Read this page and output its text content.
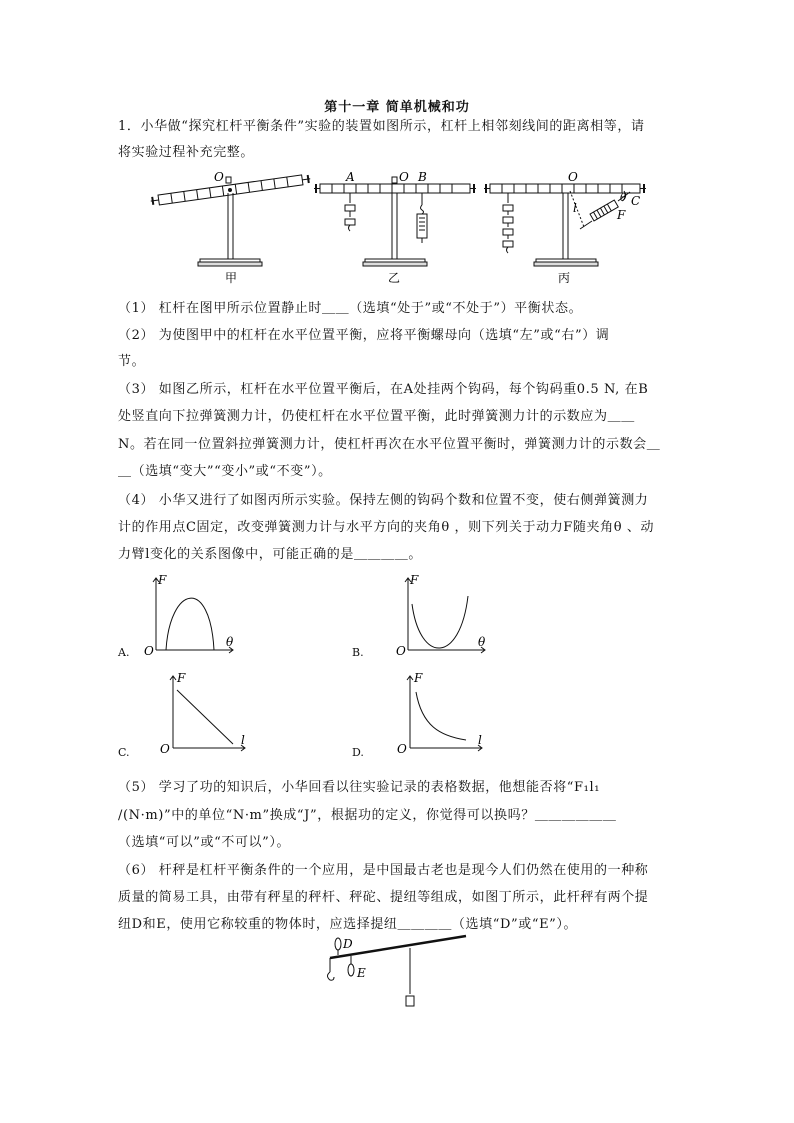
第十一章 简单机械和功
1．小华做“探究杠杆平衡条件”实验的装置如图所示，杠杆上相邻刻线间的距离相等，请
将实验过程补充完整。
O
甲
A	O B
乙
O
C
F
l
θ
丙
（1） 杠杆在图甲所示位置静止时＿＿（选填“处于”或“不处于”）平衡状态。
（2） 为使图甲中的杠杆在水平位置平衡，应将平衡螺母向（选填“左”或“右”）调
节。
（3） 如图乙所示，杠杆在水平位置平衡后，在A处挂两个钩码，每个钩码重0.5 N, 在B
处竖直向下拉弹簧测力计，仍使杠杆在水平位置平衡，此时弹簧测力计的示数应为＿＿
N。若在同一位置斜拉弹簧测力计，使杠杆再次在水平位置平衡时，弹簧测力计的示数会＿
＿（选填“变大”“变小”或“不变”）。
（4） 小华又进行了如图丙所示实验。保持左侧的钩码个数和位置不变，使右侧弹簧测力
计的作用点C固定，改变弹簧测力计与水平方向的夹角θ ，则下列关于动力F随夹角θ 、动
力臂l变化的关系图像中，可能正确的是＿＿＿＿。
A.
F
O
θ
B.
F
O
θ
C.
F
O
l
D.
F
O
l
（5） 学习了功的知识后，小华回看以往实验记录的表格数据，他想能否将“F₁l₁
/(N·m)”中的单位“N·m”换成“J”，根据功的定义，你觉得可以换吗？＿＿＿＿＿＿
（选填“可以”或“不可以”）。
（6） 杆秤是杠杆平衡条件的一个应用，是中国最古老也是现今人们仍然在使用的一种称
质量的简易工具，由带有秤星的秤杆、秤砣、提纽等组成，如图丁所示，此杆秤有两个提
纽D和E，使用它称较重的物体时，应选择提纽＿＿＿＿（选填“D”或“E”）。
D
E
